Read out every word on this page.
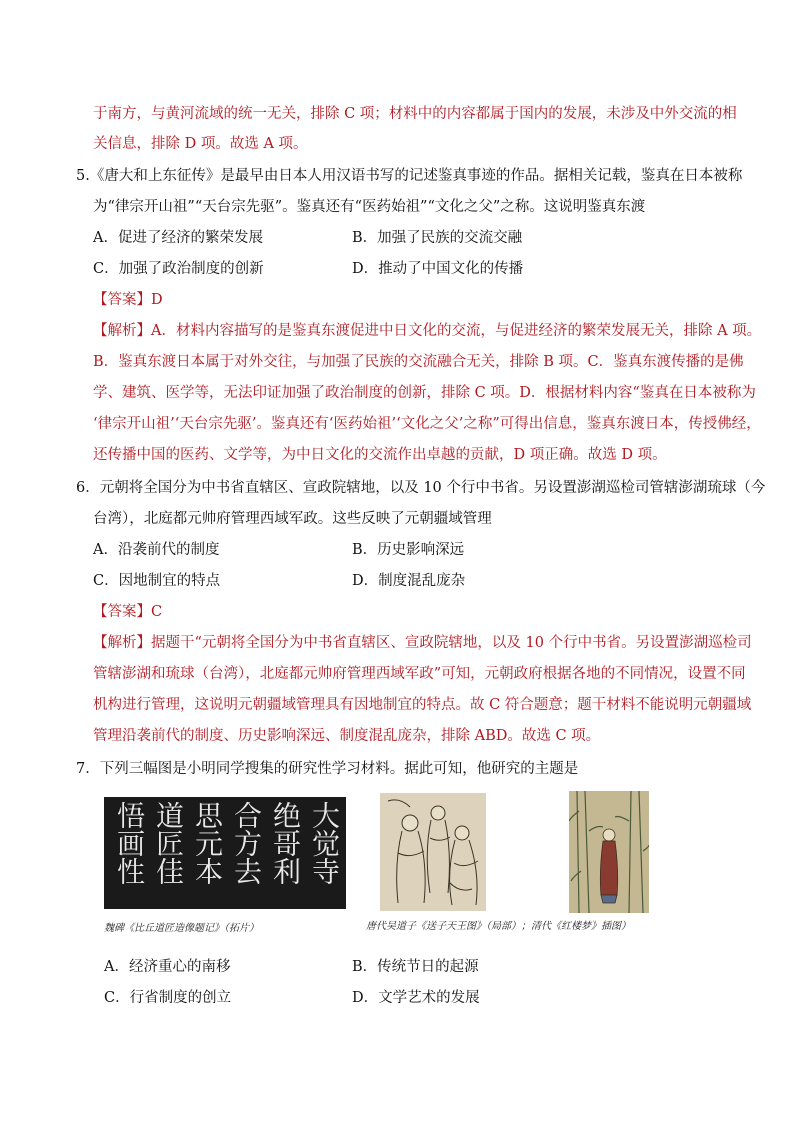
于南方，与黄河流域的统一无关，排除 C 项；材料中的内容都属于国内的发展，未涉及中外交流的相
关信息，排除 D 项。故选 A 项。
5.《唐大和上东征传》是最早由日本人用汉语书写的记述鉴真事迹的作品。据相关记载，鉴真在日本被称
为“律宗开山祖”“天台宗先驱”。鉴真还有“医药始祖”“文化之父”之称。这说明鉴真东渡
A．促进了经济的繁荣发展	B．加强了民族的交流交融
C．加强了政治制度的创新	D．推动了中国文化的传播
【答案】D
【解析】A．材料内容描写的是鉴真东渡促进中日文化的交流，与促进经济的繁荣发展无关，排除 A 项。
B．鉴真东渡日本属于对外交往，与加强了民族的交流融合无关，排除 B 项。C．鉴真东渡传播的是佛
学、建筑、医学等，无法印证加强了政治制度的创新，排除 C 项。D．根据材料内容“鉴真在日本被称为
‘律宗开山祖’‘天台宗先驱’。鉴真还有‘医药始祖’‘文化之父’之称”可得出信息，鉴真东渡日本，传授佛经，
还传播中国的医药、文学等，为中日文化的交流作出卓越的贡献，D 项正确。故选 D 项。
6．元朝将全国分为中书省直辖区、宣政院辖地，以及 10 个行中书省。另设置澎湖巡检司管辖澎湖琉球（今
台湾），北庭都元帅府管理西域军政。这些反映了元朝疆域管理
A．沿袭前代的制度	B．历史影响深远
C．因地制宜的特点	D．制度混乱庞杂
【答案】C
【解析】据题干“元朝将全国分为中书省直辖区、宣政院辖地，以及 10 个行中书省。另设置澎湖巡检司
管辖澎湖和琉球（台湾），北庭都元帅府管理西域军政”可知，元朝政府根据各地的不同情况，设置不同
机构进行管理，这说明元朝疆域管理具有因地制宜的特点。故 C 符合题意；题干材料不能说明元朝疆域
管理沿袭前代的制度、历史影响深远、制度混乱庞杂，排除 ABD。故选 C 项。
7．下列三幅图是小明同学搜集的研究性学习材料。据此可知，他研究的主题是
大觉寺
绝哥利
合方去
思元本
道匠佳
悟画性
魏碑《比丘道匠造像题记》（拓片）	唐代吴道子《送子天王图》（局部）；清代《红楼梦》插图）
A．经济重心的南移	B．传统节日的起源
C．行省制度的创立	D．文学艺术的发展
